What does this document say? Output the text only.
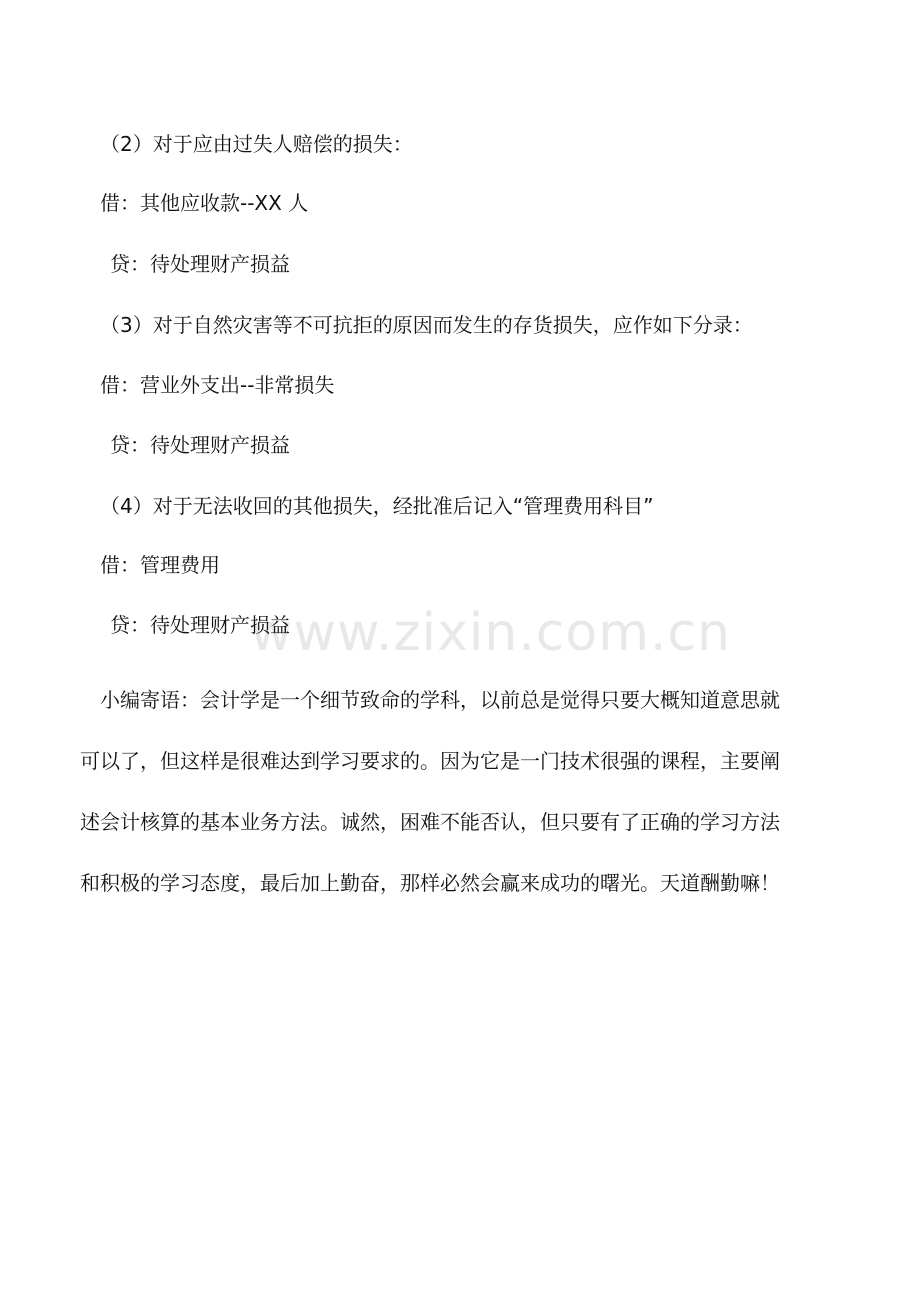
www.zixin.com.cn
（2）对于应由过失人赔偿的损失：
借：其他应收款--XX 人
贷：待处理财产损益
（3）对于自然灾害等不可抗拒的原因而发生的存货损失，应作如下分录：
借：营业外支出--非常损失
贷：待处理财产损益
（4）对于无法收回的其他损失，经批准后记入“管理费用科目”
借：管理费用
贷：待处理财产损益
小编寄语：会计学是一个细节致命的学科，以前总是觉得只要大概知道意思就
可以了，但这样是很难达到学习要求的。因为它是一门技术很强的课程，主要阐
述会计核算的基本业务方法。诚然，困难不能否认，但只要有了正确的学习方法
和积极的学习态度，最后加上勤奋，那样必然会赢来成功的曙光。天道酬勤嘛！
